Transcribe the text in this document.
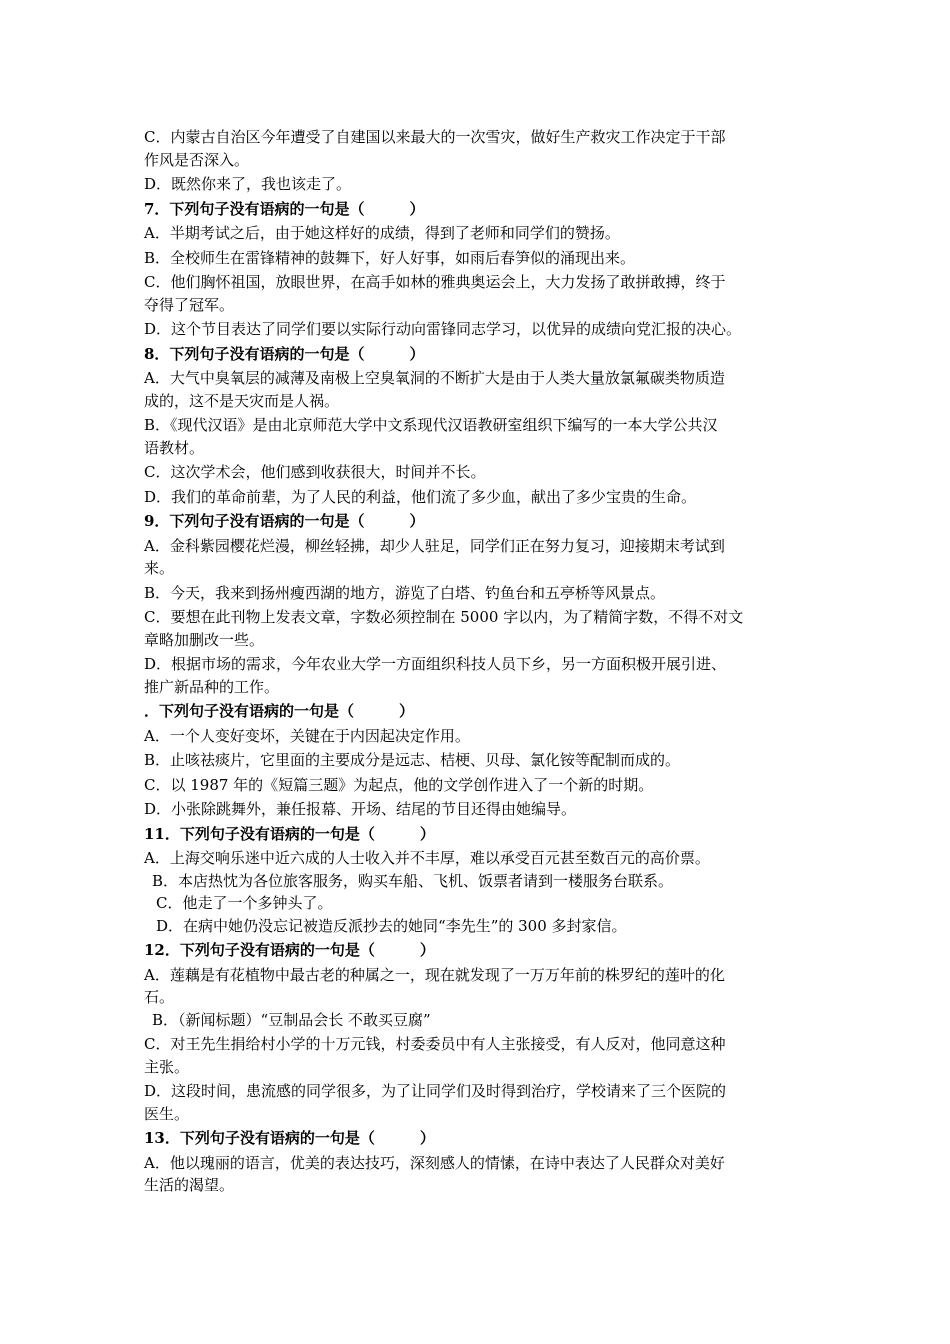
C．内蒙古自治区今年遭受了自建国以来最大的一次雪灾，做好生产救灾工作决定于干部

作风是否深入。

D．既然你来了，我也该走了。

7．下列句子没有语病的一句是（　　　）

A．半期考试之后，由于她这样好的成绩，得到了老师和同学们的赞扬。

B．全校师生在雷锋精神的鼓舞下，好人好事，如雨后春笋似的涌现出来。

C．他们胸怀祖国，放眼世界，在高手如林的雅典奥运会上，大力发扬了敢拼敢搏，终于

夺得了冠军。

D．这个节目表达了同学们要以实际行动向雷锋同志学习，以优异的成绩向党汇报的决心。

8．下列句子没有语病的一句是（　　　）

A．大气中臭氧层的减薄及南极上空臭氧洞的不断扩大是由于人类大量放氯氟碳类物质造

成的，这不是天灾而是人祸。

B．《现代汉语》是由北京师范大学中文系现代汉语教研室组织下编写的一本大学公共汉

语教材。

C．这次学术会，他们感到收获很大，时间并不长。

D．我们的革命前辈，为了人民的利益，他们流了多少血，献出了多少宝贵的生命。

9．下列句子没有语病的一句是（　　　）

A．金科紫园樱花烂漫，柳丝轻拂，却少人驻足，同学们正在努力复习，迎接期末考试到

来。

B．今天，我来到扬州瘦西湖的地方，游览了白塔、钓鱼台和五亭桥等风景点。

C．要想在此刊物上发表文章，字数必须控制在 5000 字以内，为了精简字数，不得不对文

章略加删改一些。

D．根据市场的需求，今年农业大学一方面组织科技人员下乡，另一方面积极开展引进、

推广新品种的工作。

．下列句子没有语病的一句是（　　　）

A．一个人变好变坏，关键在于内因起决定作用。

B．止咳祛痰片，它里面的主要成分是远志、桔梗、贝母、氯化铵等配制而成的。

C．以 1987 年的《短篇三题》为起点，他的文学创作进入了一个新的时期。

D．小张除跳舞外，兼任报幕、开场、结尾的节目还得由她编导。

11．下列句子没有语病的一句是（　　　）

A．上海交响乐迷中近六成的人士收入并不丰厚，难以承受百元甚至数百元的高价票。

B．本店热忱为各位旅客服务，购买车船、飞机、饭票者请到一楼服务台联系。

C．他走了一个多钟头了。

D．在病中她仍没忘记被造反派抄去的她同“李先生”的 300 多封家信。

12．下列句子没有语病的一句是（　　　）

A．莲藕是有花植物中最古老的种属之一，现在就发现了一万万年前的株罗纪的莲叶的化

石。

B．（新闻标题）“豆制品会长 不敢买豆腐”

C．对王先生捐给村小学的十万元钱，村委委员中有人主张接受，有人反对，他同意这种

主张。

D．这段时间，患流感的同学很多，为了让同学们及时得到治疗，学校请来了三个医院的

医生。

13．下列句子没有语病的一句是（　　　）

A．他以瑰丽的语言，优美的表达技巧，深刻感人的情愫，在诗中表达了人民群众对美好

生活的渴望。
